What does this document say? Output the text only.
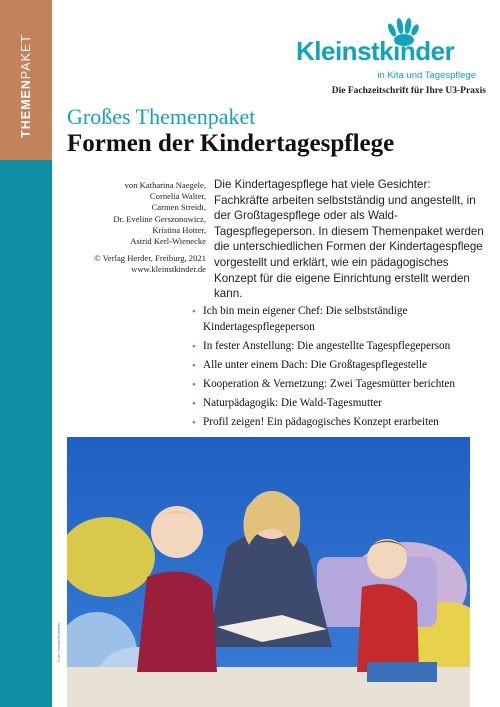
THEMENPAKET	Kleinstkinder
in Kita und Tagespflege
Die Fachzeitschrift für Ihre U3-Praxis
Großes Themenpaket
Formen der Kindertagespflege
von Katharina Naegele,
Cornelia Walter,
Carmen Streidt,
Dr. Eveline Gerszonowicz,
Kristina Hotter,
Astrid Kerl-Wienecke
© Verlag Herder, Freiburg, 2021
www.kleinstkinder.de
Die Kindertagespflege hat viele Gesichter: Fachkräfte arbeiten selbstständig und angestellt, in der Großtagespflege oder als Wald-Tagespflegeperson. In diesem Themenpaket werden die unterschiedlichen Formen der Kindertagespflege vorgestellt und erklärt, wie ein pädagogisches Konzept für die eigene Einrichtung erstellt werden kann.
• Ich bin mein eigener Chef: Die selbstständige Kindertagespflegeperson
• In fester Anstellung: Die angestellte Tagespflegeperson
• Alle unter einem Dach: Die Großtagespflegestelle
• Kooperation & Vernetzung: Zwei Tagesmütter berichten
• Naturpädagogik: Die Wald-Tagesmutter
• Profil zeigen! Ein pädagogisches Konzept erarbeiten
Foto: Herder/Hotelfoto
